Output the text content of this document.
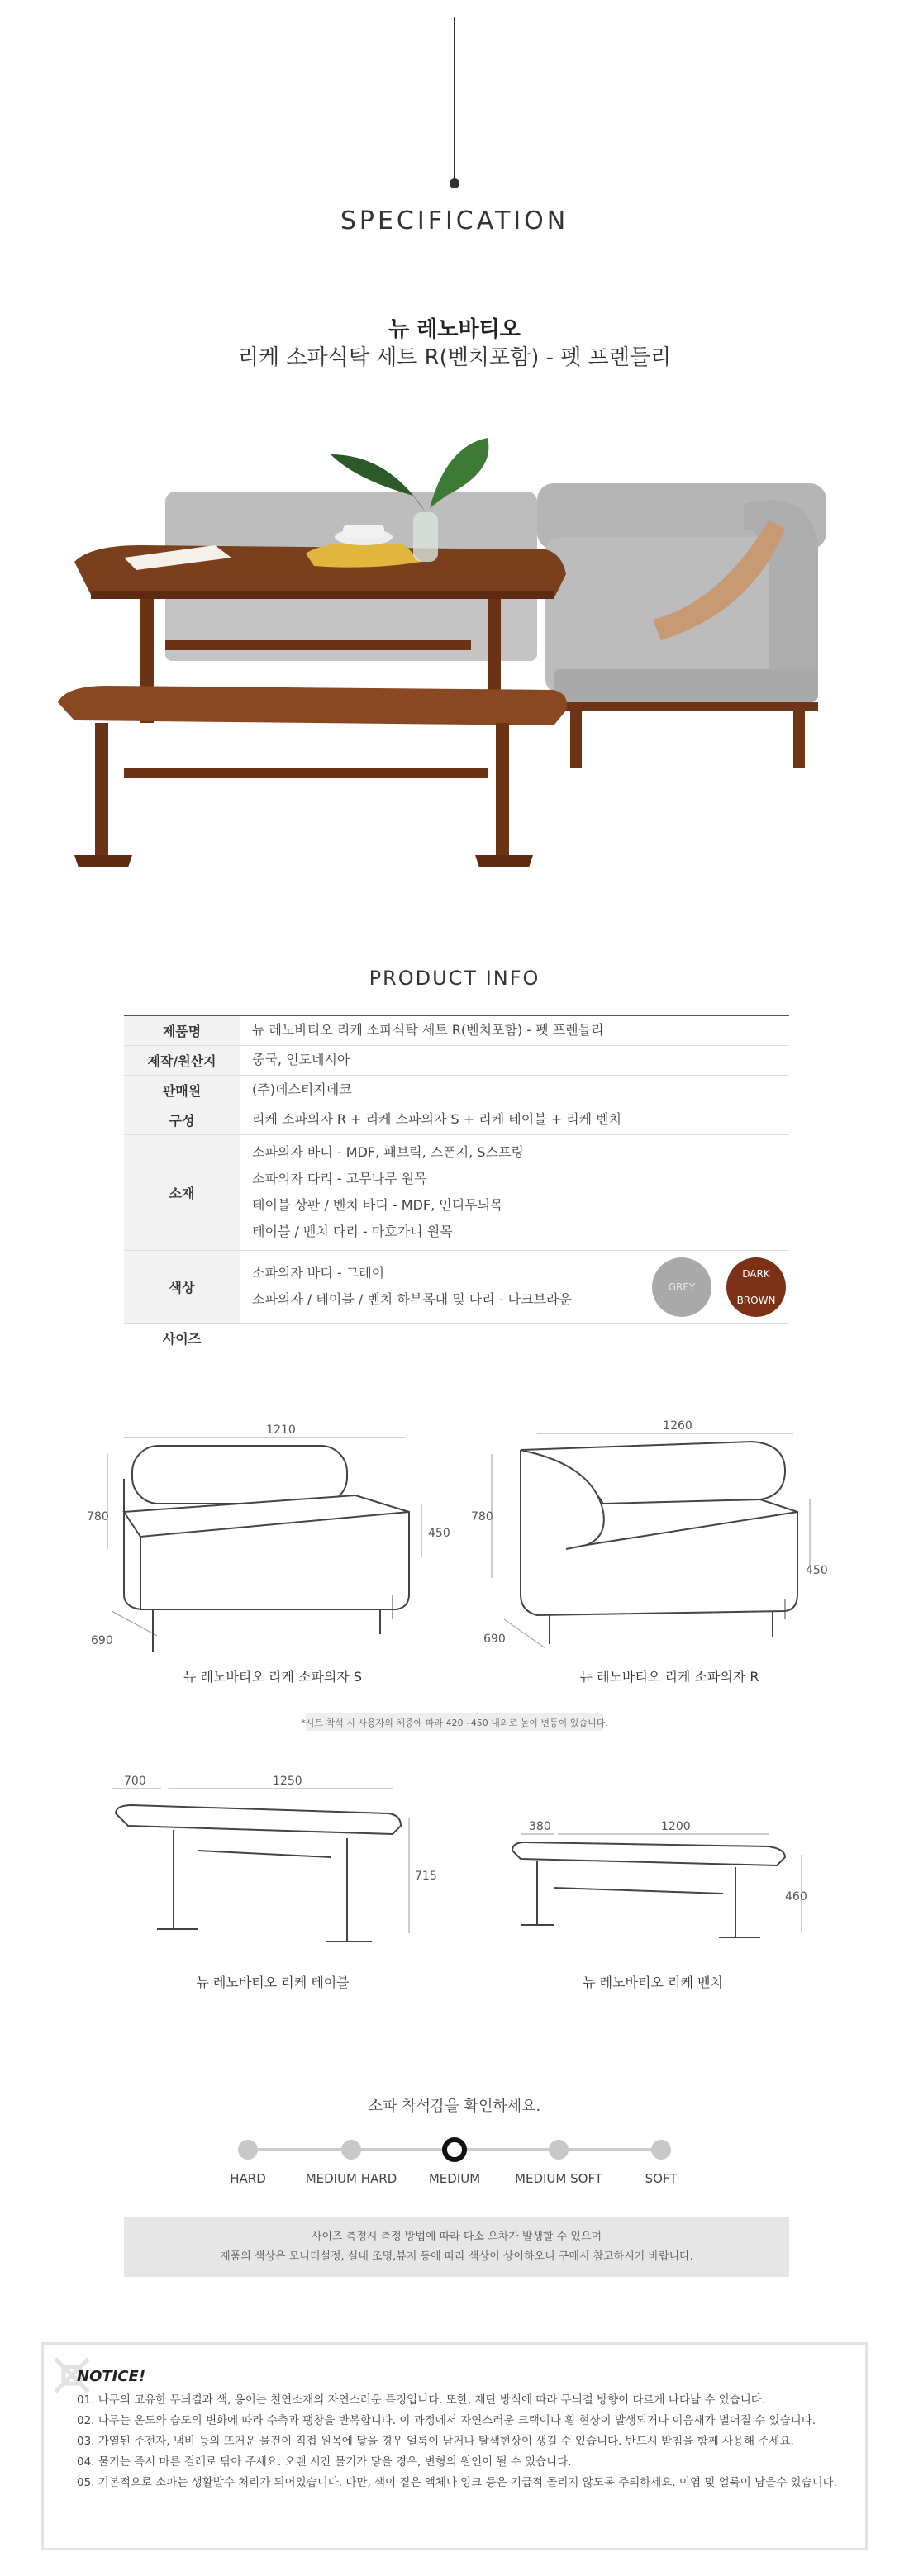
SPECIFICATION
뉴 레노바티오
리케 소파식탁 세트 R(벤치포함) - 펫 프렌들리
PRODUCT INFO
제품명	뉴 레노바티오 리케 소파식탁 세트 R(벤치포함) - 펫 프렌들리

제작/원산지	중국, 인도네시아

판매원	(주)데스티지데코

구성	리케 소파의자 R + 리케 소파의자 S + 리케 테이블 + 리케 벤치

소재	소파의자 바디 - MDF, 패브릭, 스폰지, S스프링
소파의자 다리 - 고무나무 원목
테이블 상판 / 벤치 바디 - MDF, 인디무늬목
테이블 / 벤치 다리 - 마호가니 원목

색상	소파의자 바디 - 그레이
소파의자 / 테이블 / 벤치 하부목대 및 다리 - 다크브라운
GREY
DARK
BROWN

사이즈	
1210
780
450
690
뉴 레노바티오 리케 소파의자 S
1260
780
450
690
뉴 레노바티오 리케 소파의자 R
*시트 착석 시 사용자의 체중에 따라 420~450 내외로 높이 변동이 있습니다.
700	1250
715
뉴 레노바티오 리케 테이블
380	1200
460
뉴 레노바티오 리케 벤치
소파 착석감을 확인하세요.
HARD	MEDIUM HARD	MEDIUM	MEDIUM SOFT	SOFT
사이즈 측정시 측정 방법에 따라 다소 오차가 발생할 수 있으며
제품의 색상은 모니터설정, 실내 조명,뷰지 등에 따라 색상이 상이하오니 구매시 참고하시기 바랍니다.
NOTICE!
01. 나무의 고유한 무늬결과 색, 옹이는 천연소재의 자연스러운 특징입니다. 또한, 재단 방식에 따라 무늬결 방향이 다르게 나타날 수 있습니다.
02. 나무는 온도와 습도의 변화에 따라 수축과 팽창을 반복합니다. 이 과정에서 자연스러운 크랙이나 휨 현상이 발생되거나 이음새가 벌어질 수 있습니다.
03. 가열된 주전자, 냄비 등의 뜨거운 물건이 직접 원목에 닿을 경우 얼룩이 남거나 탈색현상이 생길 수 있습니다. 반드시 받침을 함께 사용해 주세요.
04. 물기는 즉시 마른 걸레로 닦아 주세요. 오랜 시간 물기가 닿을 경우, 변형의 원인이 될 수 있습니다.
05. 기본적으로 소파는 생활발수 처리가 되어있습니다. 다만, 색이 짙은 액체나 잉크 등은 기급적 몰리지 않도록 주의하세요. 이염 및 얼룩이 남을수 있습니다.
